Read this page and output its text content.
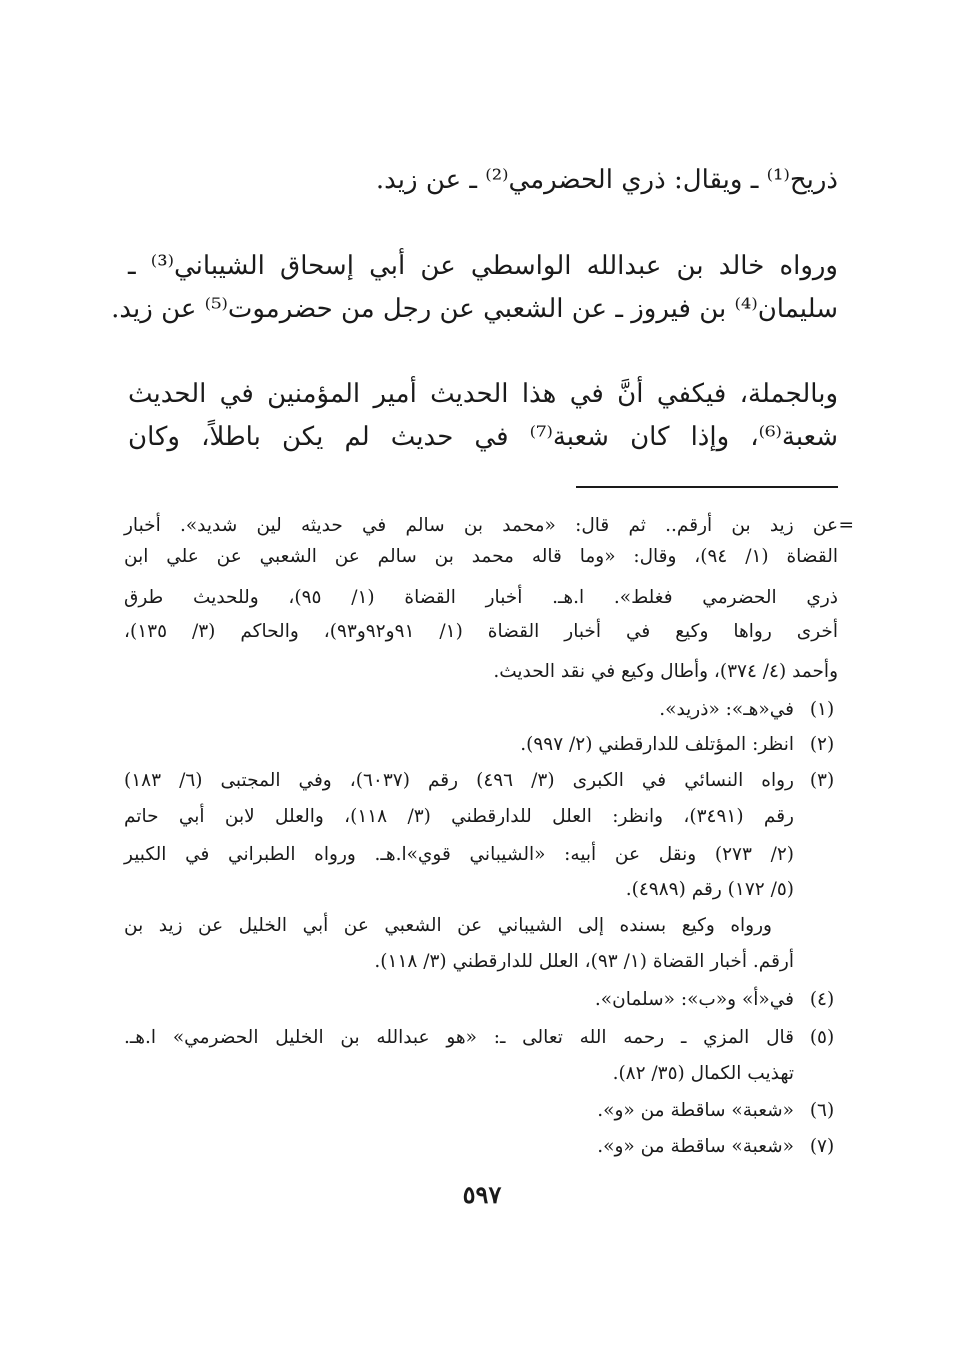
ذريح⁽¹⁾ ـ ويقال: ذري الحضرمي⁽²⁾ ـ عن زيد.
ورواه خالد بن عبدالله الواسطي عن أبي إسحاق الشيباني⁽³⁾ ـ
سليمان⁽⁴⁾ بن فيروز ـ عن الشعبي عن رجل من حضرموت⁽⁵⁾ عن زيد.
وبالجملة، فيكفي أنَّ في هذا الحديث أمير المؤمنين في الحديث
شعبة⁽⁶⁾، وإذا كان شعبة⁽⁷⁾ في حديث لم يكن باطلاً، وكان
=
عن زيد بن أرقم.. ثم قال: «محمد بن سالم في حديثه لين شديد». أخبار
القضاة (١/ ٩٤)، وقال: «وما قاله محمد بن سالم عن الشعبي عن علي ابن
ذري الحضرمي فغلط». ا.هـ. أخبار القضاة (١/ ٩٥)، وللحديث طرق
أخرى رواها وكيع في أخبار القضاة (١/ ٩١و٩٢و٩٣)، والحاكم (٣/ ١٣٥)،
وأحمد (٤/ ٣٧٤)، وأطال وكيع في نقد الحديث.
(١)
في«هـ»: «ذريد».
(٢)
انظر: المؤتلف للدارقطني (٢/ ٩٩٧).
(٣)
رواه النسائي في الكبرى (٣/ ٤٩٦) رقم (٦٠٣٧)، وفي المجتبى (٦/ ١٨٣)
رقم (٣٤٩١)، وانظر: العلل للدارقطني (٣/ ١١٨)، والعلل لابن أبي حاتم
(٢/ ٢٧٣) ونقل عن أبيه: «الشيباني قوي»ا.هـ. ورواه الطبراني في الكبير
(٥/ ١٧٢) رقم (٤٩٨٩).
ورواه وكيع بسنده إلى الشيباني عن الشعبي عن أبي الخليل عن زيد بن
أرقم. أخبار القضاة (١/ ٩٣)، العلل للدارقطني (٣/ ١١٨).
(٤)
في«أ» و«ب»: «سلمان».
(٥)
قال المزي ـ رحمه الله تعالى ـ: «هو عبدالله بن الخليل الحضرمي» ا.هـ.
تهذيب الكمال (٣٥/ ٨٢).
(٦)
«شعبة» ساقطة من «و».
(٧)
«شعبة» ساقطة من «و».
٥٩٧
